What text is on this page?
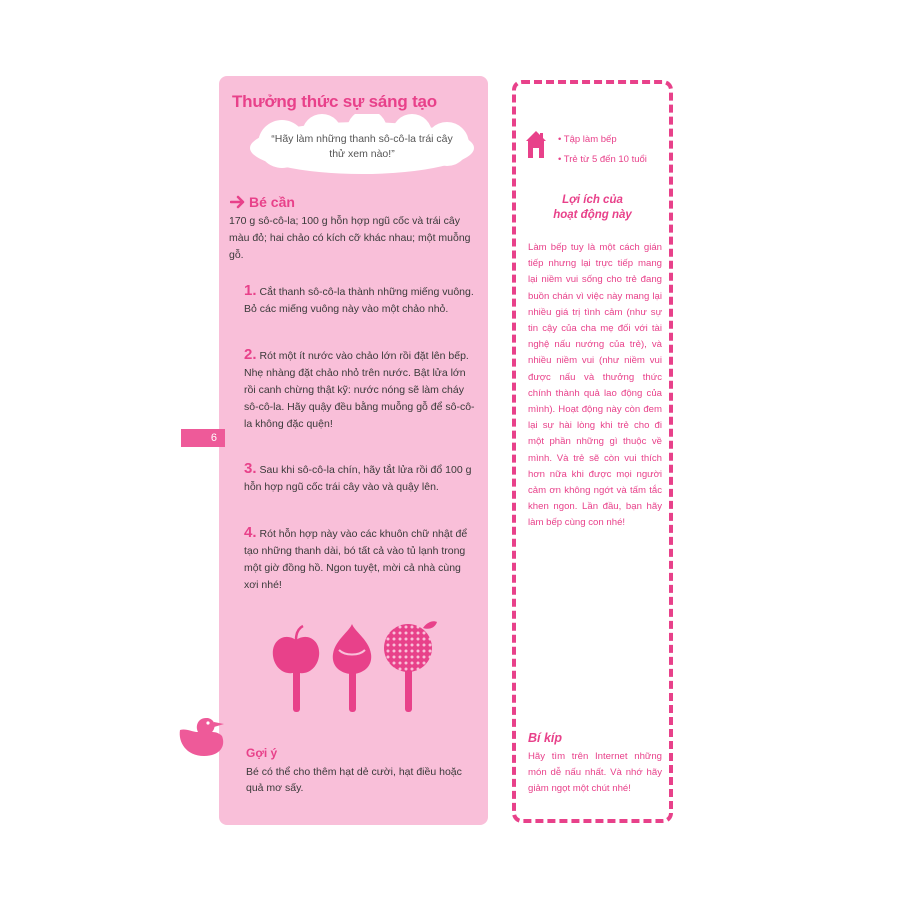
Thưởng thức sự sáng tạo
“Hãy làm những thanh sô-cô-la trái cây thử xem nào!”
Bé cần
170 g sô-cô-la; 100 g hỗn hợp ngũ cốc và trái cây màu đỏ; hai chảo có kích cỡ khác nhau; một muỗng gỗ.
1. Cắt thanh sô-cô-la thành những miếng vuông. Bỏ các miếng vuông này vào một chảo nhỏ.
2. Rót một ít nước vào chảo lớn rồi đặt lên bếp. Nhẹ nhàng đặt chảo nhỏ trên nước. Bật lửa lớn rồi canh chừng thật kỹ: nước nóng sẽ làm cháy sô-cô-la. Hãy quậy đều bằng muỗng gỗ để sô-cô-la không đặc quện!
3. Sau khi sô-cô-la chín, hãy tắt lửa rồi đổ 100 g hỗn hợp ngũ cốc trái cây vào và quậy lên.
4. Rót hỗn hợp này vào các khuôn chữ nhật để tạo những thanh dài, bó tất cả vào tủ lạnh trong một giờ đồng hồ. Ngon tuyệt, mời cả nhà cùng xơi nhé!
6
Gợi ý
Bé có thể cho thêm hạt dẻ cười, hạt điều hoặc quả mơ sấy.
• Tập làm bếp
• Trẻ từ 5 đến 10 tuổi
Lợi ích của
hoạt động này
Làm bếp tuy là một cách gián tiếp nhưng lại trực tiếp mang lại niềm vui sống cho trẻ đang buồn chán vì việc này mang lại nhiều giá trị tình cảm (như sự tin cậy của cha mẹ đối với tài nghệ nấu nướng của trẻ), và nhiều niềm vui (như niềm vui được nấu và thưởng thức chính thành quả lao động của mình). Hoạt động này còn đem lại sự hài lòng khi trẻ cho đi một phần những gì thuộc về mình. Và trẻ sẽ còn vui thích hơn nữa khi được mọi người cảm ơn không ngớt và tấm tắc khen ngon. Lần đầu, bạn hãy làm bếp cùng con nhé!
Bí kíp
Hãy tìm trên Internet những món dễ nấu nhất. Và nhớ hãy giảm ngọt một chút nhé!
